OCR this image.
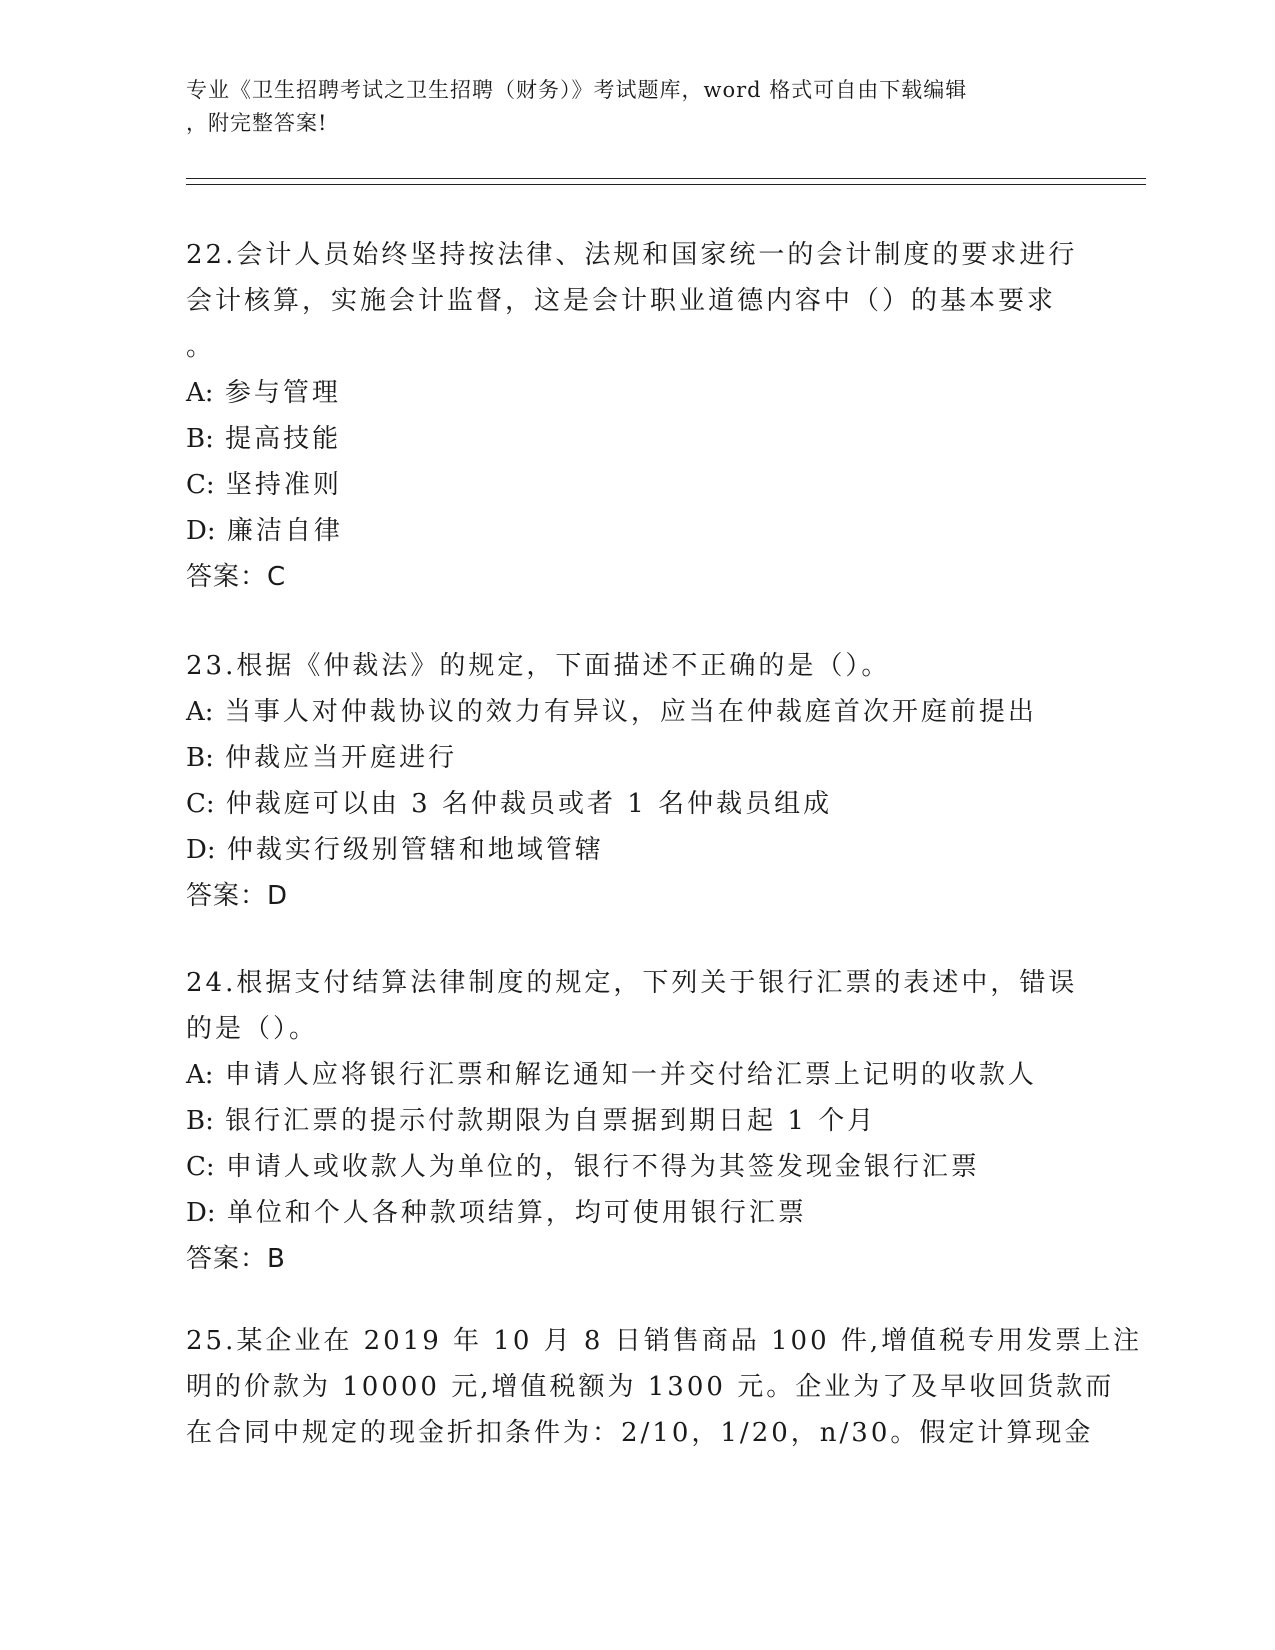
专业《卫生招聘考试之卫生招聘（财务）》考试题库，word 格式可自由下载编辑
，附完整答案!
22.会计人员始终坚持按法律、法规和国家统一的会计制度的要求进行
会计核算，实施会计监督，这是会计职业道德内容中（）的基本要求
。
A: 参与管理
B: 提高技能
C: 坚持准则
D: 廉洁自律
答案：C
23.根据《仲裁法》的规定，下面描述不正确的是（）。
A: 当事人对仲裁协议的效力有异议，应当在仲裁庭首次开庭前提出
B: 仲裁应当开庭进行
C: 仲裁庭可以由 3 名仲裁员或者 1 名仲裁员组成
D: 仲裁实行级别管辖和地域管辖
答案：D
24.根据支付结算法律制度的规定，下列关于银行汇票的表述中，错误
的是（）。
A: 申请人应将银行汇票和解讫通知一并交付给汇票上记明的收款人
B: 银行汇票的提示付款期限为自票据到期日起 1 个月
C: 申请人或收款人为单位的，银行不得为其签发现金银行汇票
D: 单位和个人各种款项结算，均可使用银行汇票
答案：B
25.某企业在 2019 年 10 月 8 日销售商品 100 件,增值税专用发票上注
明的价款为 10000 元,增值税额为 1300 元。企业为了及早收回货款而
在合同中规定的现金折扣条件为：2/10，1/20，n/30。假定计算现金
